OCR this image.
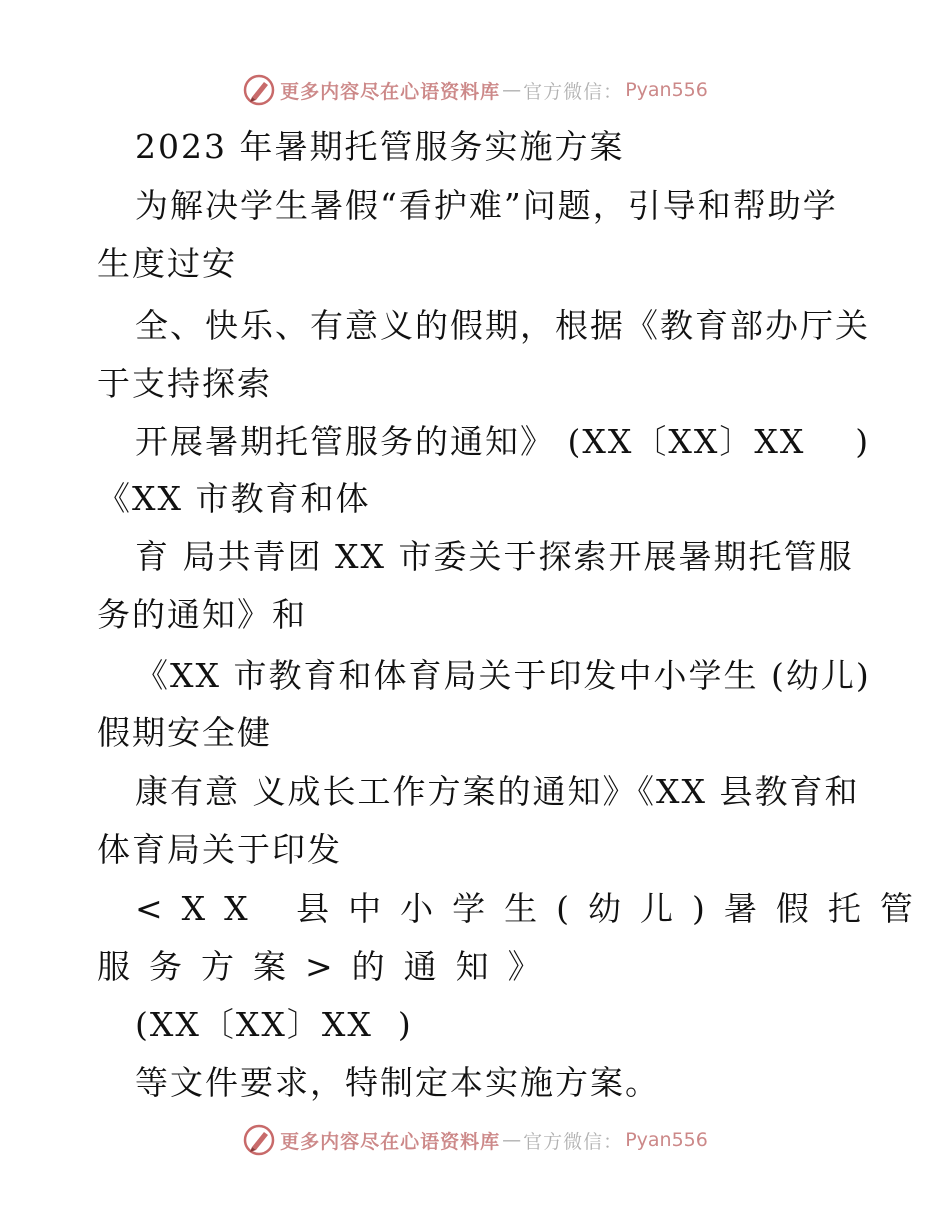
更多内容尽在心语资料库 — 官方微信： Pyan556
2023 年暑期托管服务实施方案
为解决学生暑假“看护难”问题，引导和帮助学
生度过安
全、快乐、有意义的假期，根据《教育部办厅关
于支持探索
开展暑期托管服务的通知》 (XX〔XX〕XX    )
《XX 市教育和体
育 局共青团 XX 市委关于探索开展暑期托管服
务的通知》和
《XX 市教育和体育局关于印发中小学生 (幼儿)
假期安全健
康有意 义成长工作方案的通知》《XX 县教育和
体育局关于印发
<XX 县中小学生(幼儿)暑假托管
服务方案>的通知》
(XX〔XX〕XX  )
等文件要求，特制定本实施方案。
更多内容尽在心语资料库 — 官方微信： Pyan556
